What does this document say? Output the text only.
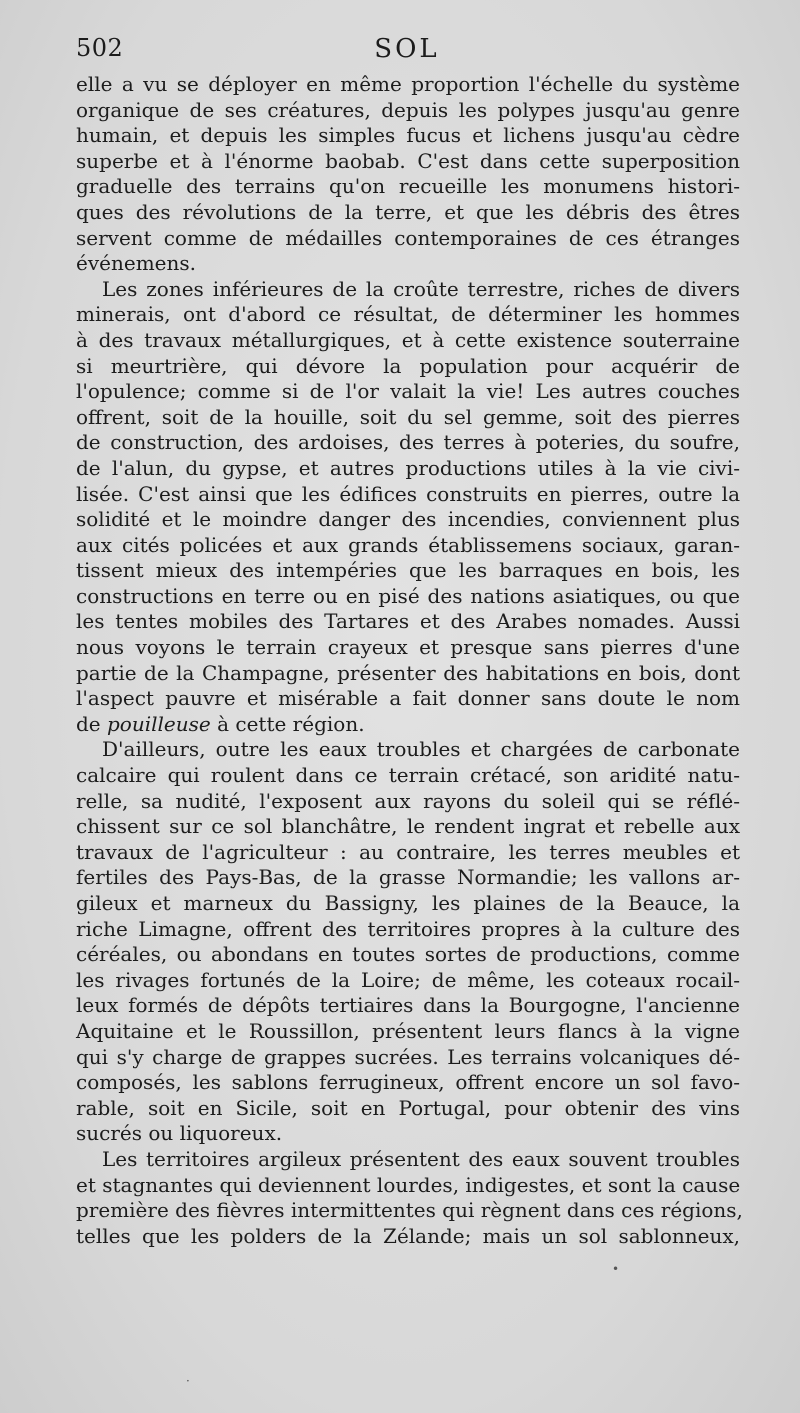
502	SOL
elle a vu se déployer en même proportion l'échelle du système
organique de ses créatures, depuis les polypes jusqu'au genre
humain, et depuis les simples fucus et lichens jusqu'au cèdre
superbe et à l'énorme baobab. C'est dans cette superposition
graduelle des terrains qu'on recueille les monumens histori-
ques des révolutions de la terre, et que les débris des êtres
servent comme de médailles contemporaines de ces étranges
événemens.
Les zones inférieures de la croûte terrestre, riches de divers
minerais, ont d'abord ce résultat, de déterminer les hommes
à des travaux métallurgiques, et à cette existence souterraine
si meurtrière, qui dévore la population pour acquérir de
l'opulence; comme si de l'or valait la vie! Les autres couches
offrent, soit de la houille, soit du sel gemme, soit des pierres
de construction, des ardoises, des terres à poteries, du soufre,
de l'alun, du gypse, et autres productions utiles à la vie civi-
lisée. C'est ainsi que les édifices construits en pierres, outre la
solidité et le moindre danger des incendies, conviennent plus
aux cités policées et aux grands établissemens sociaux, garan-
tissent mieux des intempéries que les barraques en bois, les
constructions en terre ou en pisé des nations asiatiques, ou que
les tentes mobiles des Tartares et des Arabes nomades. Aussi
nous voyons le terrain crayeux et presque sans pierres d'une
partie de la Champagne, présenter des habitations en bois, dont
l'aspect pauvre et misérable a fait donner sans doute le nom
de pouilleuse à cette région.
D'ailleurs, outre les eaux troubles et chargées de carbonate
calcaire qui roulent dans ce terrain crétacé, son aridité natu-
relle, sa nudité, l'exposent aux rayons du soleil qui se réflé-
chissent sur ce sol blanchâtre, le rendent ingrat et rebelle aux
travaux de l'agriculteur : au contraire, les terres meubles et
fertiles des Pays-Bas, de la grasse Normandie; les vallons ar-
gileux et marneux du Bassigny, les plaines de la Beauce, la
riche Limagne, offrent des territoires propres à la culture des
céréales, ou abondans en toutes sortes de productions, comme
les rivages fortunés de la Loire; de même, les coteaux rocail-
leux formés de dépôts tertiaires dans la Bourgogne, l'ancienne
Aquitaine et le Roussillon, présentent leurs flancs à la vigne
qui s'y charge de grappes sucrées. Les terrains volcaniques dé-
composés, les sablons ferrugineux, offrent encore un sol favo-
rable, soit en Sicile, soit en Portugal, pour obtenir des vins
sucrés ou liquoreux.
Les territoires argileux présentent des eaux souvent troubles
et stagnantes qui deviennent lourdes, indigestes, et sont la cause
première des fièvres intermittentes qui règnent dans ces régions,
telles que les polders de la Zélande; mais un sol sablonneux,
•
·
